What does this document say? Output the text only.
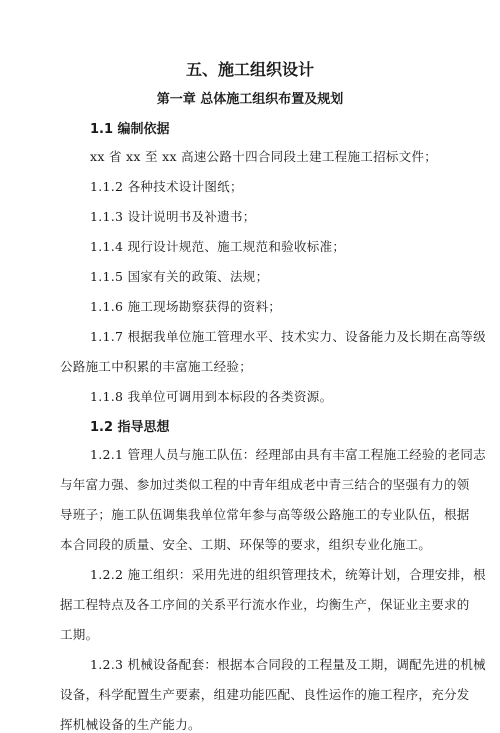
五、施工组织设计
第一章 总体施工组织布置及规划
1.1 编制依据
xx 省 xx 至 xx 高速公路十四合同段土建工程施工招标文件；
1.1.2 各种技术设计图纸；
1.1.3 设计说明书及补遗书；
1.1.4 现行设计规范、施工规范和验收标准；
1.1.5 国家有关的政策、法规；
1.1.6 施工现场勘察获得的资料；
1.1.7 根据我单位施工管理水平、技术实力、设备能力及长期在高等级
公路施工中积累的丰富施工经验；
1.1.8 我单位可调用到本标段的各类资源。
1.2 指导思想
1.2.1 管理人员与施工队伍：经理部由具有丰富工程施工经验的老同志
与年富力强、参加过类似工程的中青年组成老中青三结合的坚强有力的领
导班子；施工队伍调集我单位常年参与高等级公路施工的专业队伍，根据
本合同段的质量、安全、工期、环保等的要求，组织专业化施工。
1.2.2 施工组织：采用先进的组织管理技术，统筹计划，合理安排，根
据工程特点及各工序间的关系平行流水作业，均衡生产，保证业主要求的
工期。
1.2.3 机械设备配套：根据本合同段的工程量及工期，调配先进的机械
设备，科学配置生产要素，组建功能匹配、良性运作的施工程序，充分发
挥机械设备的生产能力。
